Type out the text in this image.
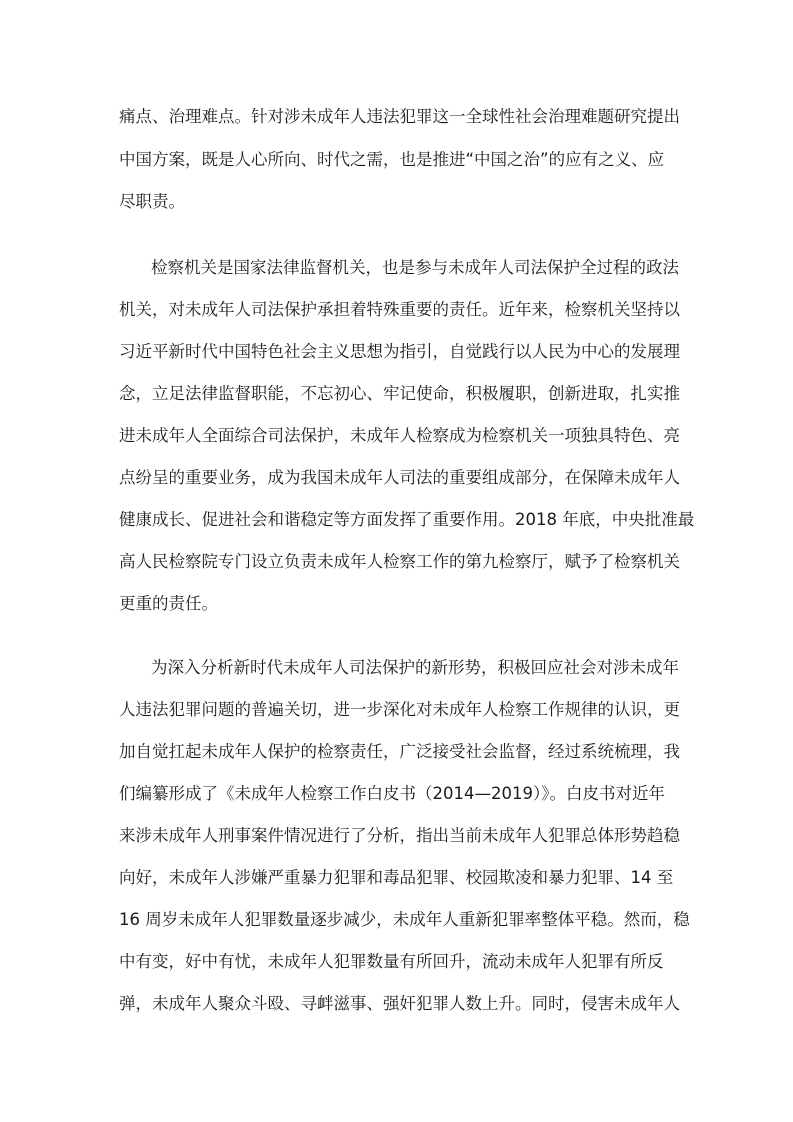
痛点、治理难点。针对涉未成年人违法犯罪这一全球性社会治理难题研究提出
中国方案，既是人心所向、时代之需，也是推进“中国之治”的应有之义、应
尽职责。
检察机关是国家法律监督机关，也是参与未成年人司法保护全过程的政法
机关，对未成年人司法保护承担着特殊重要的责任。近年来，检察机关坚持以
习近平新时代中国特色社会主义思想为指引，自觉践行以人民为中心的发展理
念，立足法律监督职能，不忘初心、牢记使命，积极履职，创新进取，扎实推
进未成年人全面综合司法保护，未成年人检察成为检察机关一项独具特色、亮
点纷呈的重要业务，成为我国未成年人司法的重要组成部分，在保障未成年人
健康成长、促进社会和谐稳定等方面发挥了重要作用。2018 年底，中央批准最
高人民检察院专门设立负责未成年人检察工作的第九检察厅，赋予了检察机关
更重的责任。
为深入分析新时代未成年人司法保护的新形势，积极回应社会对涉未成年
人违法犯罪问题的普遍关切，进一步深化对未成年人检察工作规律的认识，更
加自觉扛起未成年人保护的检察责任，广泛接受社会监督，经过系统梳理，我
们编纂形成了《未成年人检察工作白皮书（2014—2019）》。白皮书对近年
来涉未成年人刑事案件情况进行了分析，指出当前未成年人犯罪总体形势趋稳
向好，未成年人涉嫌严重暴力犯罪和毒品犯罪、校园欺凌和暴力犯罪、14 至
16 周岁未成年人犯罪数量逐步减少，未成年人重新犯罪率整体平稳。然而，稳
中有变，好中有忧，未成年人犯罪数量有所回升，流动未成年人犯罪有所反
弹，未成年人聚众斗殴、寻衅滋事、强奸犯罪人数上升。同时，侵害未成年人
